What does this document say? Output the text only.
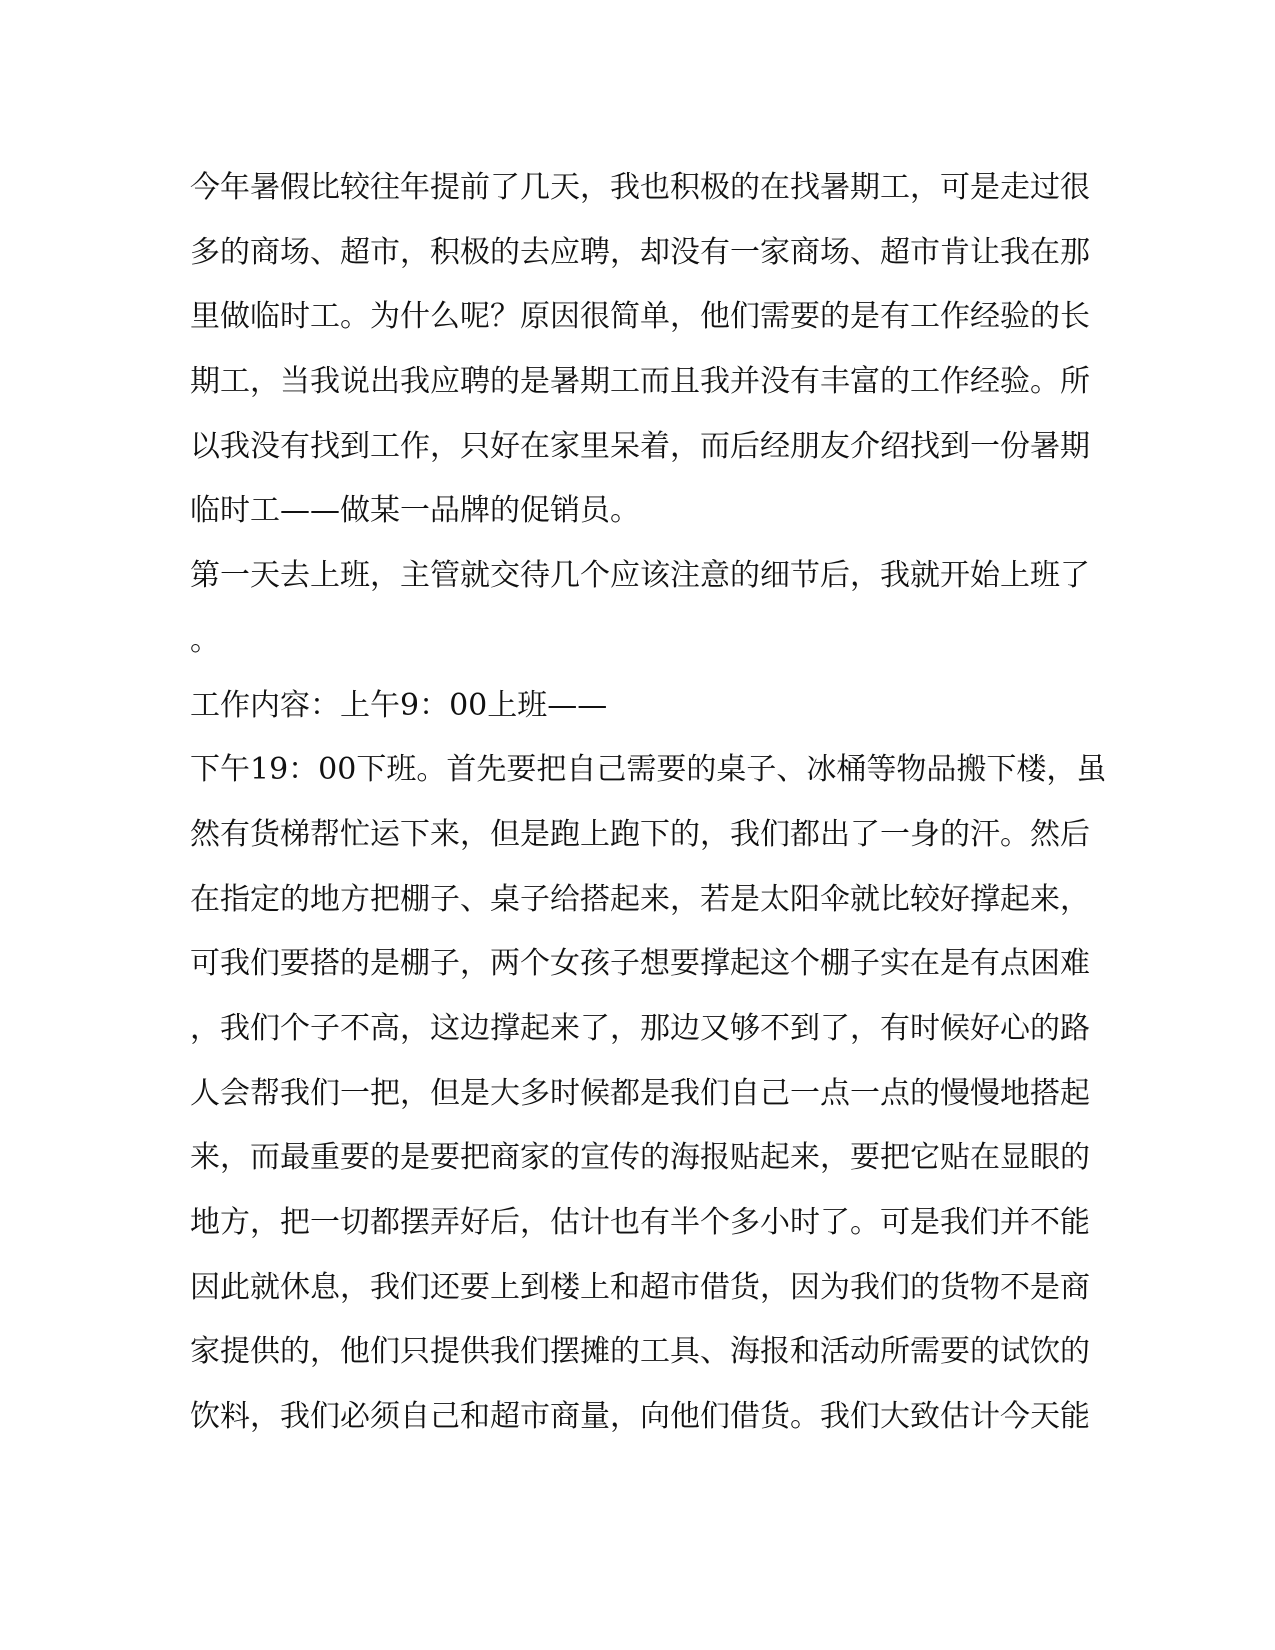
今年暑假比较往年提前了几天，我也积极的在找暑期工，可是走过很
多的商场、超市，积极的去应聘，却没有一家商场、超市肯让我在那
里做临时工。为什么呢？原因很简单，他们需要的是有工作经验的长
期工，当我说出我应聘的是暑期工而且我并没有丰富的工作经验。所
以我没有找到工作，只好在家里呆着，而后经朋友介绍找到一份暑期
临时工——做某一品牌的促销员。
第一天去上班，主管就交待几个应该注意的细节后，我就开始上班了
。
工作内容：上午9：00上班——
下午19：00下班。首先要把自己需要的桌子、冰桶等物品搬下楼，虽
然有货梯帮忙运下来，但是跑上跑下的，我们都出了一身的汗。然后
在指定的地方把棚子、桌子给搭起来，若是太阳伞就比较好撑起来，
可我们要搭的是棚子，两个女孩子想要撑起这个棚子实在是有点困难
，我们个子不高，这边撑起来了，那边又够不到了，有时候好心的路
人会帮我们一把，但是大多时候都是我们自己一点一点的慢慢地搭起
来，而最重要的是要把商家的宣传的海报贴起来，要把它贴在显眼的
地方，把一切都摆弄好后，估计也有半个多小时了。可是我们并不能
因此就休息，我们还要上到楼上和超市借货，因为我们的货物不是商
家提供的，他们只提供我们摆摊的工具、海报和活动所需要的试饮的
饮料，我们必须自己和超市商量，向他们借货。我们大致估计今天能
